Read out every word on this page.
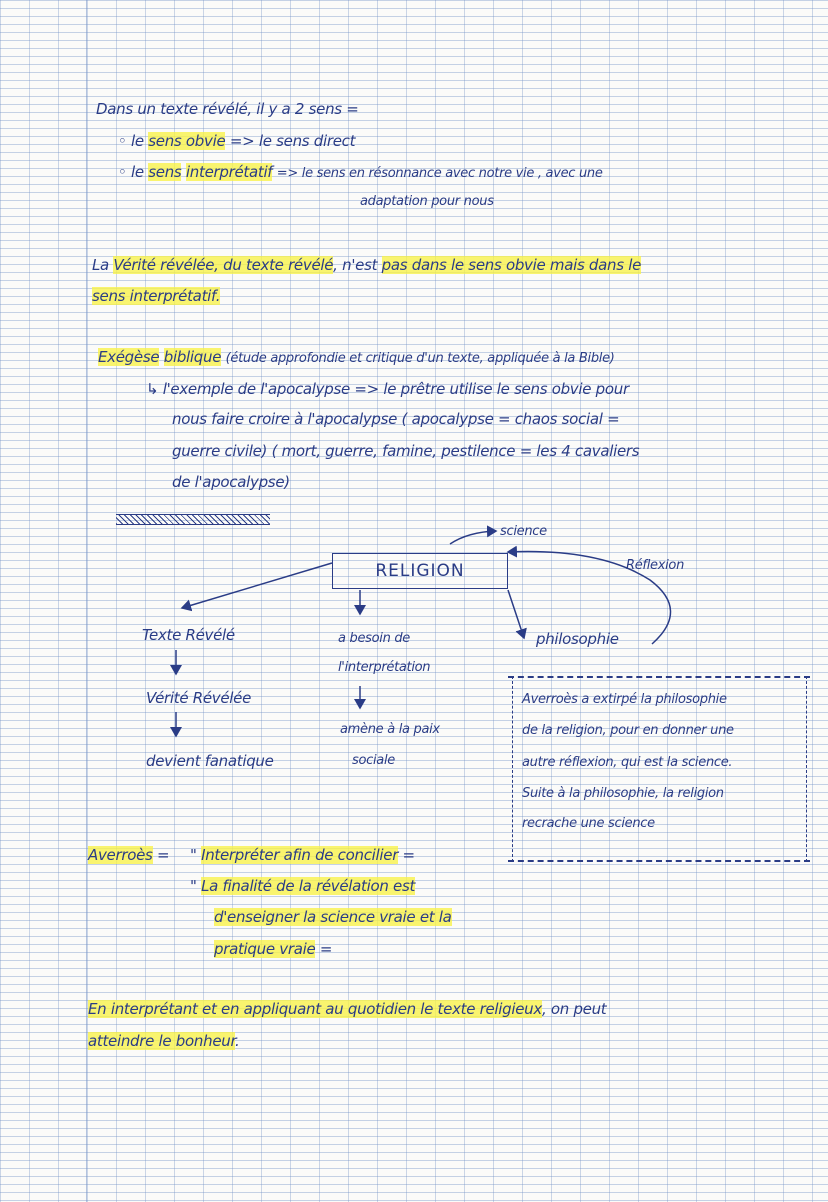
Dans un texte révélé, il y a 2 sens =
◦ le sens obvie => le sens direct
◦ le sens interprétatif => le sens en résonnance avec notre vie , avec une
adaptation pour nous
La Vérité révélée, du texte révélé, n'est pas dans le sens obvie mais dans le
sens interprétatif.
Exégèse biblique (étude approfondie et critique d'un texte, appliquée à la Bible)
↳ l'exemple de l'apocalypse => le prêtre utilise le sens obvie pour
nous faire croire à l'apocalypse ( apocalypse = chaos social =
guerre civile) ( mort, guerre, famine, pestilence = les 4 cavaliers
de l'apocalypse)
RELIGION
science
Réflexion
philosophie
Texte Révélé
Vérité Révélée
devient fanatique
a besoin de
l'interprétation
amène à la paix
sociale
Averroès a extirpé la philosophie
de la religion, pour en donner une
autre réflexion, qui est la science.
Suite à la philosophie, la religion
recrache une science
Averroès = " Interpréter afin de concilier =
" La finalité de la révélation est
d'enseigner la science vraie et la
pratique vraie =
En interprétant et en appliquant au quotidien le texte religieux, on peut
atteindre le bonheur.
